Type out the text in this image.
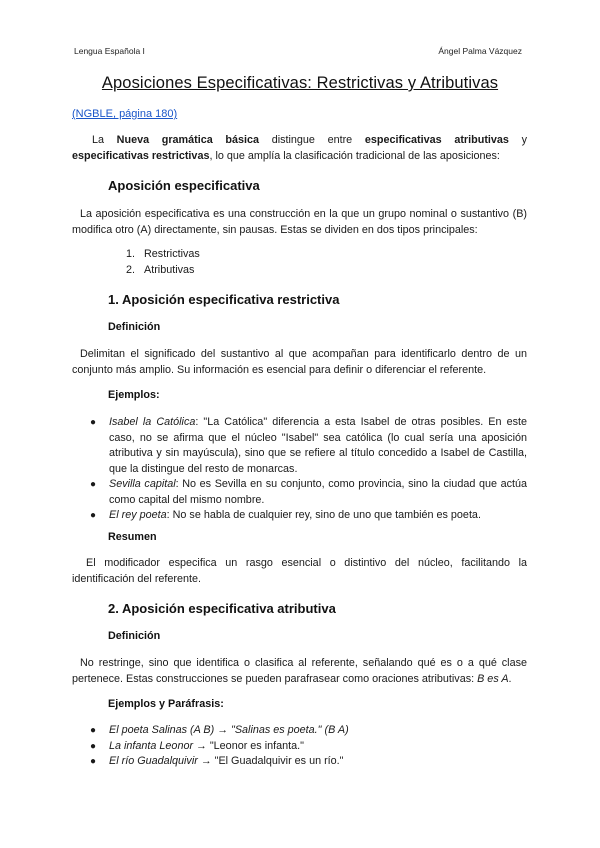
Lengua Española I	Ángel Palma Vázquez
Aposiciones Especificativas: Restrictivas y Atributivas
(NGBLE, página 180)
La Nueva gramática básica distingue entre especificativas atributivas y especificativas restrictivas, lo que amplía la clasificación tradicional de las aposiciones:
Aposición especificativa
La aposición especificativa es una construcción en la que un grupo nominal o sustantivo (B) modifica otro (A) directamente, sin pausas. Estas se dividen en dos tipos principales:
1. Restrictivas
2. Atributivas
1. Aposición especificativa restrictiva
Definición
Delimitan el significado del sustantivo al que acompañan para identificarlo dentro de un conjunto más amplio. Su información es esencial para definir o diferenciar el referente.
Ejemplos:
● Isabel la Católica: "La Católica" diferencia a esta Isabel de otras posibles. En este caso, no se afirma que el núcleo "Isabel" sea católica (lo cual sería una aposición atributiva y sin mayúscula), sino que se refiere al título concedido a Isabel de Castilla, que la distingue del resto de monarcas.
● Sevilla capital: No es Sevilla en su conjunto, como provincia, sino la ciudad que actúa como capital del mismo nombre.
● El rey poeta: No se habla de cualquier rey, sino de uno que también es poeta.
Resumen
El modificador especifica un rasgo esencial o distintivo del núcleo, facilitando la identificación del referente.
2. Aposición especificativa atributiva
Definición
No restringe, sino que identifica o clasifica al referente, señalando qué es o a qué clase pertenece. Estas construcciones se pueden parafrasear como oraciones atributivas: B es A.
Ejemplos y Paráfrasis:
● El poeta Salinas (A B) → "Salinas es poeta." (B A)
● La infanta Leonor → "Leonor es infanta."
● El río Guadalquivir → "El Guadalquivir es un río."
